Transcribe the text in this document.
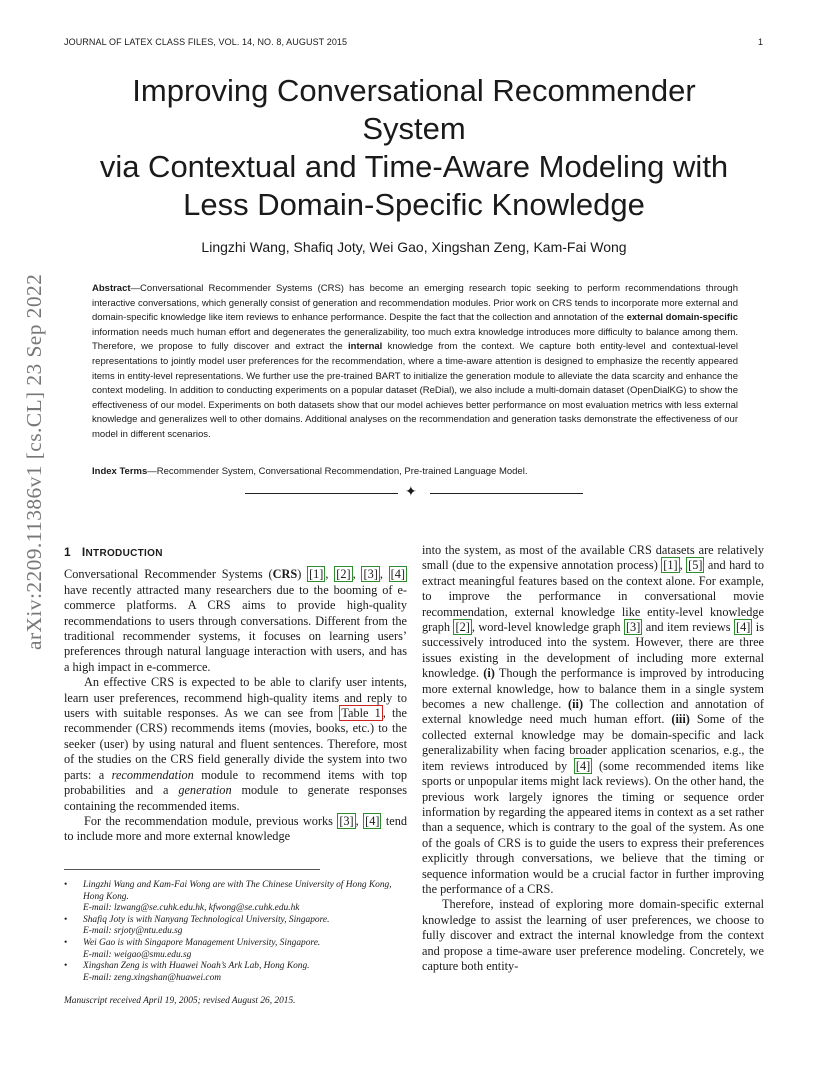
JOURNAL OF LATEX CLASS FILES, VOL. 14, NO. 8, AUGUST 2015	1
Improving Conversational Recommender
System
via Contextual and Time-Aware Modeling with
Less Domain-Specific Knowledge
Lingzhi Wang, Shafiq Joty, Wei Gao, Xingshan Zeng, Kam-Fai Wong
arXiv:2209.11386v1 [cs.CL] 23 Sep 2022	Abstract—Conversational Recommender Systems (CRS) has become an emerging research topic seeking to perform recommendations through interactive conversations, which generally consist of generation and recommendation modules. Prior work on CRS tends to incorporate more external and domain-specific knowledge like item reviews to enhance performance. Despite the fact that the collection and annotation of the external domain-specific information needs much human effort and degenerates the generalizability, too much extra knowledge introduces more difficulty to balance among them. Therefore, we propose to fully discover and extract the internal knowledge from the context. We capture both entity-level and contextual-level representations to jointly model user preferences for the recommendation, where a time-aware attention is designed to emphasize the recently appeared items in entity-level representations. We further use the pre-trained BART to initialize the generation module to alleviate the data scarcity and enhance the context modeling. In addition to conducting experiments on a popular dataset (ReDial), we also include a multi-domain dataset (OpenDialKG) to show the effectiveness of our model. Experiments on both datasets show that our model achieves better performance on most evaluation metrics with less external knowledge and generalizes well to other domains. Additional analyses on the recommendation and generation tasks demonstrate the effectiveness of our model in different scenarios.

Index Terms—Recommender System, Conversational Recommendation, Pre-trained Language Model.

✦
1 INTRODUCTION

Conversational Recommender Systems (CRS) [1] , [2] , [3] , [4] have recently attracted many researchers due to the booming of e-commerce platforms. A CRS aims to provide high-quality recommendations to users through conversations. Different from the traditional recommender systems, it focuses on learning users’ preferences through natural language interaction with users, and has a high impact in e-commerce.

An effective CRS is expected to be able to clarify user intents, learn user preferences, recommend high-quality items and reply to users with suitable responses. As we can see from Table 1 , the recommender (CRS) recommends items (movies, books, etc.) to the seeker (user) by using natural and fluent sentences. Therefore, most of the studies on the CRS field generally divide the system into two parts: a recommendation module to recommend items with top probabilities and a generation module to generate responses containing the recommended items.

For the recommendation module, previous works [3] , [4] tend to include more and more external knowledge

• Lingzhi Wang and Kam-Fai Wong are with The Chinese University of Hong Kong, Hong Kong.
E-mail: lzwang@se.cuhk.edu.hk, kfwong@se.cuhk.edu.hk
• Shafiq Joty is with Nanyang Technological University, Singapore.
E-mail: srjoty@ntu.edu.sg
• Wei Gao is with Singapore Management University, Singapore.
E-mail: weigao@smu.edu.sg
• Xingshan Zeng is with Huawei Noah’s Ark Lab, Hong Kong.
E-mail: zeng.xingshan@huawei.com
Manuscript received April 19, 2005; revised August 26, 2015.

into the system, as most of the available CRS datasets are relatively small (due to the expensive annotation process) [1] , [5] and hard to extract meaningful features based on the context alone. For example, to improve the performance in conversational movie recommendation, external knowledge like entity-level knowledge graph [2] , word-level knowledge graph [3] and item reviews [4] is successively introduced into the system. However, there are three issues existing in the development of including more external knowledge. (i) Though the performance is improved by introducing more external knowledge, how to balance them in a single system becomes a new challenge. (ii) The collection and annotation of external knowledge need much human effort. (iii) Some of the collected external knowledge may be domain-specific and lack generalizability when facing broader application scenarios, e.g., the item reviews introduced by [4] (some recommended items like sports or unpopular items might lack reviews). On the other hand, the previous work largely ignores the timing or sequence order information by regarding the appeared items in context as a set rather than a sequence, which is contrary to the goal of the system. As one of the goals of CRS is to guide the users to express their preferences explicitly through conversations, we believe that the timing or sequence information would be a crucial factor in further improving the performance of a CRS.

Therefore, instead of exploring more domain-specific external knowledge to assist the learning of user preferences, we choose to fully discover and extract the internal knowledge from the context and propose a time-aware user preference modeling. Concretely, we capture both entity-
